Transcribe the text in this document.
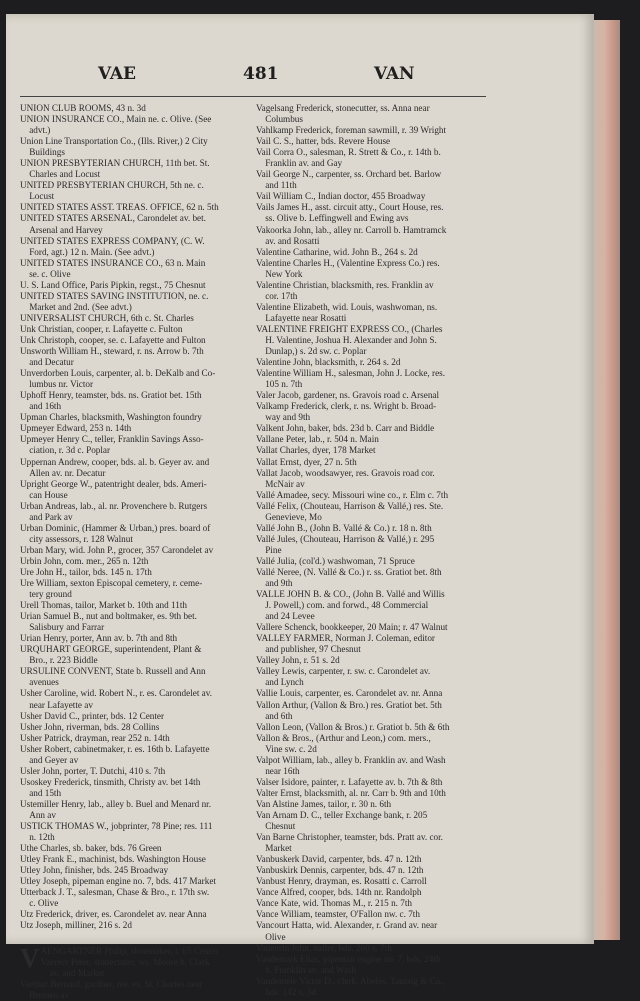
VAE	481	VAN
UNION CLUB ROOMS, 43 n. 3d
UNION INSURANCE CO., Main ne. c. Olive. (See
 advt.)
Union Line Transportation Co., (Ills. River,) 2 City
 Buildings
UNION PRESBYTERIAN CHURCH, 11th bet. St.
 Charles and Locust
UNITED PRESBYTERIAN CHURCH, 5th ne. c.
 Locust
UNITED STATES ASST. TREAS. OFFICE, 62 n. 5th
UNITED STATES ARSENAL, Carondelet av. bet.
 Arsenal and Harvey
UNITED STATES EXPRESS COMPANY, (C. W.
 Ford, agt.) 12 n. Main. (See advt.)
UNITED STATES INSURANCE CO., 63 n. Main
 se. c. Olive
U. S. Land Office, Paris Pipkin, regst., 75 Chesnut
UNITED STATES SAVING INSTITUTION, ne. c.
 Market and 2nd. (See advt.)
UNIVERSALIST CHURCH, 6th c. St. Charles
Unk Christian, cooper, r. Lafayette c. Fulton
Unk Christoph, cooper, se. c. Lafayette and Fulton
Unsworth William H., steward, r. ns. Arrow b. 7th
 and Decatur
Unverdorben Louis, carpenter, al. b. DeKalb and Co-
 lumbus nr. Victor
Uphoff Henry, teamster, bds. ns. Gratiot bet. 15th
 and 16th
Upman Charles, blacksmith, Washington foundry
Upmeyer Edward, 253 n. 14th
Upmeyer Henry C., teller, Franklin Savings Asso-
 ciation, r. 3d c. Poplar
Uppernan Andrew, cooper, bds. al. b. Geyer av. and
 Allen av. nr. Decatur
Upright George W., patentright dealer, bds. Ameri-
 can House
Urban Andreas, lab., al. nr. Provenchere b. Rutgers
 and Park av
Urban Dominic, (Hammer & Urban,) pres. board of
 city assessors, r. 128 Walnut
Urban Mary, wid. John P., grocer, 357 Carondelet av
Urbin John, com. mer., 265 n. 12th
Ure John H., tailor, bds. 145 n. 17th
Ure William, sexton Episcopal cemetery, r. ceme-
 tery ground
Urell Thomas, tailor, Market b. 10th and 11th
Urian Samuel B., nut and boltmaker, es. 9th bet.
 Salisbury and Farrar
Urian Henry, porter, Ann av. b. 7th and 8th
URQUHART GEORGE, superintendent, Plant &
 Bro., r. 223 Biddle
URSULINE CONVENT, State b. Russell and Ann
 avenues
Usher Caroline, wid. Robert N., r. es. Carondelet av.
 near Lafayette av
Usher David C., printer, bds. 12 Center
Usher John, riverman, bds. 28 Collins
Usher Patrick, drayman, rear 252 n. 14th
Usher Robert, cabinetmaker, r. es. 16th b. Lafayette
 and Geyer av
Usler John, porter, T. Dutchi, 410 s. 7th
Usoskey Frederick, tinsmith, Christy av. bet 14th
 and 15th
Ustemiller Henry, lab., alley b. Buel and Menard nr.
 Ann av
USTICK THOMAS W., jobprinter, 78 Pine; res. 111
 n. 12th
Uthe Charles, sb. baker, bds. 76 Green
Utley Frank E., machinist, bds. Washington House
Utley John, finisher, bds. 245 Broadway
Utley Joseph, pipeman engine no. 7, bds. 417 Market
Utterback J. T., salesman, Chase & Bro., r. 17th sw.
 c. Olive
Utz Frederick, driver, es. Carondelet av. near Anna
Utz Joseph, milliner, 216 s. 2d
V AENGARTNER Philip, shoemaker, r. 65 Center
Vaerecr Peter, stonecutter, ws. Moore b. Clark
 av. and Market
Vaethar Bernard, gardner, res. es. St. Charles near
 Bremen av
Vagelsang Frederick, stonecutter, ss. Anna near
 Columbus
Vahlkamp Frederick, foreman sawmill, r. 39 Wright
Vail C. S., hatter, bds. Revere House
Vail Corra O., salesman, R. Strett & Co., r. 14th b.
 Franklin av. and Gay
Vail George N., carpenter, ss. Orchard bet. Barlow
 and 11th
Vail William C., Indian doctor, 455 Broadway
Vails James H., asst. circuit atty., Court House, res.
 ss. Olive b. Leffingwell and Ewing avs
Vakoorka John, lab., alley nr. Carroll b. Hamtramck
 av. and Rosatti
Valentine Catharine, wid. John B., 264 s. 2d
Valentine Charles H., (Valentine Express Co.) res.
 New York
Valentine Christian, blacksmith, res. Franklin av
 cor. 17th
Valentine Elizabeth, wid. Louis, washwoman, ns.
 Lafayette near Rosatti
VALENTINE FREIGHT EXPRESS CO., (Charles
 H. Valentine, Joshua H. Alexander and John S.
 Dunlap,) s. 2d sw. c. Poplar
Valentine John, blacksmith, r. 264 s. 2d
Valentine William H., salesman, John J. Locke, res.
 105 n. 7th
Valer Jacob, gardener, ns. Gravois road c. Arsenal
Valkamp Frederick, clerk, r. ns. Wright b. Broad-
 way and 9th
Valkent John, baker, bds. 23d b. Carr and Biddle
Vallane Peter, lab., r. 504 n. Main
Vallat Charles, dyer, 178 Market
Vallat Ernst, dyer, 27 n. 5th
Vallat Jacob, woodsawyer, res. Gravois road cor.
 McNair av
Vallé Amadee, secy. Missouri wine co., r. Elm c. 7th
Vallé Felix, (Chouteau, Harrison & Vallé,) res. Ste.
 Genevieve, Mo
Vallé John B., (John B. Vallé & Co.) r. 18 n. 8th
Vallé Jules, (Chouteau, Harrison & Vallé,) r. 295
 Pine
Vallé Julia, (col'd.) washwoman, 71 Spruce
Vallé Neree, (N. Vallé & Co.) r. ss. Gratiot bet. 8th
 and 9th
VALLE JOHN B. & CO., (John B. Vallé and Willis
 J. Powell,) com. and forwd., 48 Commercial
 and 24 Levee
Vallere Schenck, bookkeeper, 20 Main; r. 47 Walnut
VALLEY FARMER, Norman J. Coleman, editor
 and publisher, 97 Chesnut
Valley John, r. 51 s. 2d
Valley Lewis, carpenter, r. sw. c. Carondelet av.
 and Lynch
Vallie Louis, carpenter, es. Carondelet av. nr. Anna
Vallon Arthur, (Vallon & Bro.) res. Gratiot bet. 5th
 and 6th
Vallon Leon, (Vallon & Bros.) r. Gratiot b. 5th & 6th
Vallon & Bros., (Arthur and Leon,) com. mers.,
 Vine sw. c. 2d
Valpot William, lab., alley b. Franklin av. and Wash
 near 16th
Valser Isidore, painter, r. Lafayette av. b. 7th & 8th
Valter Ernst, blacksmith, al. nr. Carr b. 9th and 10th
Van Alstine James, tailor, r. 30 n. 6th
Van Arnam D. C., teller Exchange bank, r. 205
 Chesnut
Van Barne Christopher, teamster, bds. Pratt av. cor.
 Market
Vanbuskerk David, carpenter, bds. 47 n. 12th
Vanbuskirk Dennis, carpenter, bds. 47 n. 12th
Vanbust Henry, drayman, es. Rosatti c. Carroll
Vance Alfred, cooper, bds. 14th nr. Randolph
Vance Kate, wid. Thomas M., r. 215 n. 7th
Vance William, teamster, O'Fallon nw. c. 7th
Vancourt Hatta, wid. Alexander, r. Grand av. near
 Olive
Vaneurin John, nailer, bds. 260 s. 7th
Vandemark Elias, pipeman engine no. 7, bds. 24th
 b. Franklin av. and Wash
Vandemele Victor D., clerk, Abeles, Taussig & Co.,
 bds. 142 s. 3d
